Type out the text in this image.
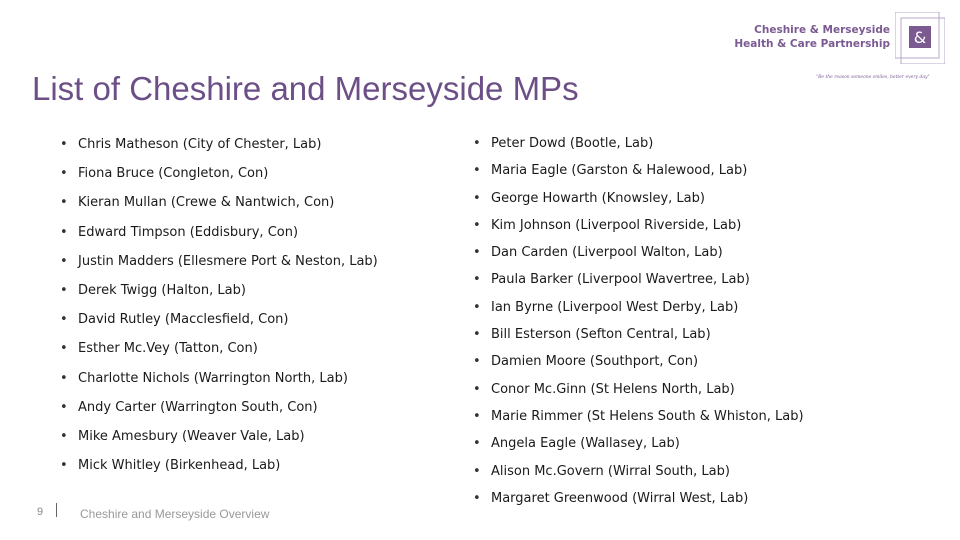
Cheshire & Merseyside
Health & Care Partnership &
"Be the reason someone smiles, better every day"
List of Cheshire and Merseyside MPs
• Chris Matheson (City of Chester, Lab)
• Fiona Bruce (Congleton, Con)
• Kieran Mullan (Crewe & Nantwich, Con)
• Edward Timpson (Eddisbury, Con)
• Justin Madders (Ellesmere Port & Neston, Lab)
• Derek Twigg (Halton, Lab)
• David Rutley (Macclesfield, Con)
• Esther Mc.Vey (Tatton, Con)
• Charlotte Nichols (Warrington North, Lab)
• Andy Carter (Warrington South, Con)
• Mike Amesbury (Weaver Vale, Lab)
• Mick Whitley (Birkenhead, Lab)
• Peter Dowd (Bootle, Lab)
• Maria Eagle (Garston & Halewood, Lab)
• George Howarth (Knowsley, Lab)
• Kim Johnson (Liverpool Riverside, Lab)
• Dan Carden (Liverpool Walton, Lab)
• Paula Barker (Liverpool Wavertree, Lab)
• Ian Byrne (Liverpool West Derby, Lab)
• Bill Esterson (Sefton Central, Lab)
• Damien Moore (Southport, Con)
• Conor Mc.Ginn (St Helens North, Lab)
• Marie Rimmer (St Helens South & Whiston, Lab)
• Angela Eagle (Wallasey, Lab)
• Alison Mc.Govern (Wirral South, Lab)
• Margaret Greenwood (Wirral West, Lab)
9	Cheshire and Merseyside Overview
